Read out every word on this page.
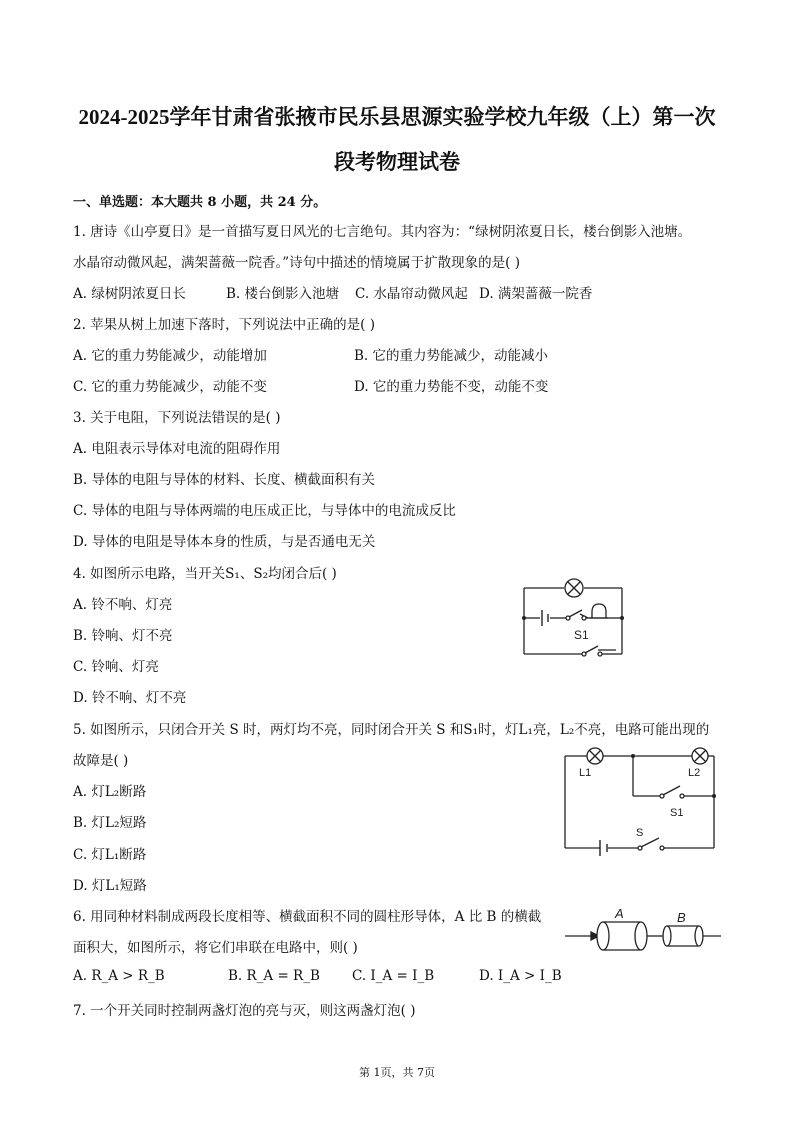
2024-2025学年甘肃省张掖市民乐县思源实验学校九年级（上）第一次
段考物理试卷
一、单选题：本大题共 8 小题，共 24 分。
1. 唐诗《山亭夏日》是一首描写夏日风光的七言绝句。其内容为：“绿树阴浓夏日长，楼台倒影入池塘。
水晶帘动微风起，满架蔷薇一院香。”诗句中描述的情境属于扩散现象的是( )
A. 绿树阴浓夏日长	B. 楼台倒影入池塘 C. 水晶帘动微风起 D. 满架蔷薇一院香
2. 苹果从树上加速下落时，下列说法中正确的是( )
A. 它的重力势能减少，动能增加	B. 它的重力势能减少，动能减小
C. 它的重力势能减少，动能不变	D. 它的重力势能不变，动能不变
3. 关于电阻，下列说法错误的是( )
A. 电阻表示导体对电流的阻碍作用
B. 导体的电阻与导体的材料、长度、横截面积有关
C. 导体的电阻与导体两端的电压成正比，与导体中的电流成反比
D. 导体的电阻是导体本身的性质，与是否通电无关
4. 如图所示电路，当开关S₁、S₂均闭合后( )
A. 铃不响、灯亮
B. 铃响、灯不亮
C. 铃响、灯亮
D. 铃不响、灯不亮
S1
5. 如图所示，只闭合开关 S 时，两灯均不亮，同时闭合开关 S 和S₁时，灯L₁亮，L₂不亮，电路可能出现的
故障是( )
A. 灯L₂断路
B. 灯L₂短路
C. 灯L₁断路
D. 灯L₁短路
L1	L2
S1
S
6. 用同种材料制成两段长度相等、横截面积不同的圆柱形导体，A 比 B 的横截
面积大，如图所示，将它们串联在电路中，则( )
A. R_A > R_B	B. R_A = R_B C. I_A = I_B	D. I_A > I_B
A	B
7. 一个开关同时控制两盏灯泡的亮与灭，则这两盏灯泡( )
第 1页，共 7页
